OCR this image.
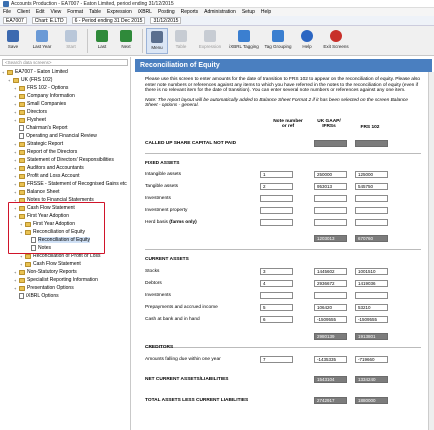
Accounts Production - EA7007 - Eaton Limited, period ending 31/12/2015
File Client Edit View Format Table Expression iXBRL Posting Reports Administration Setup Help
EA7007	Chart: E.LTD	6 - Period ending 31 Dec 2015	31/12/2015
Save	Last Year	Start	Last	Next	Menu	Table	Expression iXBRL Tagging Tag Grouping Help	Exit Screens
<Search data screens>
+	EA7007 - Eaton Limited
+	UK (FRS 102)
+	FRS 102 - Options
+	Company Information
+	Small Companies
+	Directors
+	Flysheet
Chairman's Report
Operating and Financial Review
+	Strategic Report
+	Report of the Directors
+	Statement of Directors' Responsibilities
+	Auditors and Accountants
+	Profit and Loss Account
+	FRSSE - Statement of Recognised Gains etc
+	Balance Sheet
+	Notes to Financial Statements
+	Cash Flow Statement
+	First Year Adoption
+	First Year Adoption
+	Reconciliation of Equity
Reconciliation of Equity
Notes
+	Reconciliation of Profit or Loss
+	Cash Flow Statement
+	Non-Statutory Reports
+	Specialist Reporting Information
+	Presentation Options
iXBRL Options
Reconciliation of Equity

Please use this screen to enter amounts for the date of transition to FRS 102 to appear on the reconciliation of equity. Please also enter note numbers or references against any items to which you have referred in the notes to the reconciliation of equity (even if there is no relevant item for the date of transition). You can enter several note numbers or references against any one item.

Note: The report layout will be automatically added to Balance Sheet Format 2 if it has been selected on the screen Balance Sheet - options - general.

Note number or ref
UK GAAP/ IFRSs	FRS 102
CALLED UP SHARE CAPITAL NOT PAID
FIXED ASSETS
Intangible assets	1	250000	125000
Tangible assets	2	953013	545750
Investments
Investment property
Herd basis (farms only)
1203013	670760
CURRENT ASSETS
Stocks	3	1445602	1001510
Debtors	4	2936672	1419036
Investments
Prepayments and accrued income	5	106420	53210
Cash at bank and in hand	6	-1509555	-1509555
2980139	1913801
CREDITORS
Amounts falling due within one year	7	-1435335	-719660
NET CURRENT ASSETS/LIABILITIES	1543104	1334240
TOTAL ASSETS LESS CURRENT LIABILITIES	2742917	1880000
